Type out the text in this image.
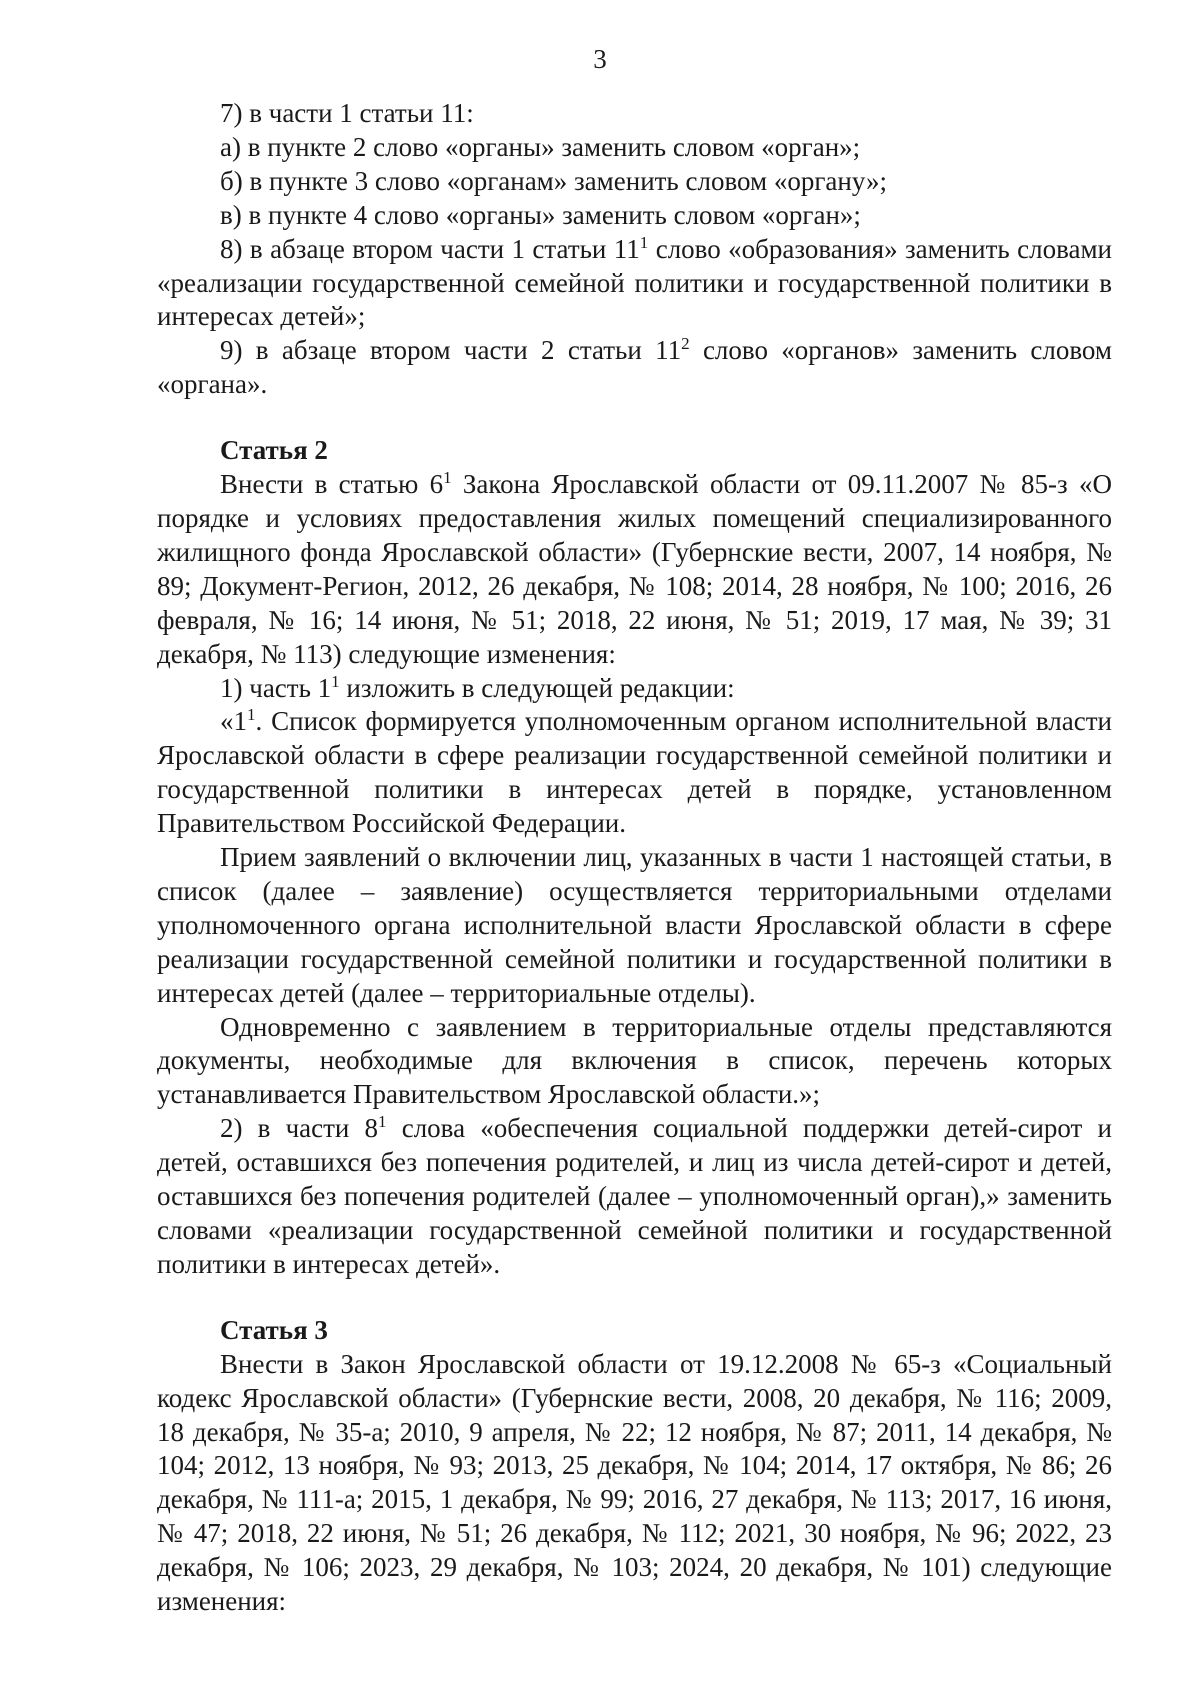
3

7) в части 1 статьи 11:

а) в пункте 2 слово «органы» заменить словом «орган»;

б) в пункте 3 слово «органам» заменить словом «органу»;

в) в пункте 4 слово «органы» заменить словом «орган»;

8) в абзаце втором части 1 статьи $11^1$ слово «образования» заменить словами «реализации государственной семейной политики и государственной политики в интересах детей»;

9) в абзаце втором части 2 статьи $11^2$ слово «органов» заменить словом «органа».

Статья 2

Внести в статью $6^1$ Закона Ярославской области от 09.11.2007 № 85-з «О порядке и условиях предоставления жилых помещений специализированного жилищного фонда Ярославской области» (Губернские вести, 2007, 14 ноября, № 89; Документ-Регион, 2012, 26 декабря, № 108; 2014, 28 ноября, № 100; 2016, 26 февраля, № 16; 14 июня, № 51; 2018, 22 июня, № 51; 2019, 17 мая, № 39; 31 декабря, № 113) следующие изменения:

1) часть $1^1$ изложить в следующей редакции:

«$1^1$. Список формируется уполномоченным органом исполнительной власти Ярославской области в сфере реализации государственной семейной политики и государственной политики в интересах детей в порядке, установленном Правительством Российской Федерации.

Прием заявлений о включении лиц, указанных в части 1 настоящей статьи, в список (далее – заявление) осуществляется территориальными отделами уполномоченного органа исполнительной власти Ярославской области в сфере реализации государственной семейной политики и государственной политики в интересах детей (далее – территориальные отделы).

Одновременно с заявлением в территориальные отделы представляются документы, необходимые для включения в список, перечень которых устанавливается Правительством Ярославской области.»;

2) в части $8^1$ слова «обеспечения социальной поддержки детей-сирот и детей, оставшихся без попечения родителей, и лиц из числа детей-сирот и детей, оставшихся без попечения родителей (далее – уполномоченный орган),» заменить словами «реализации государственной семейной политики и государственной политики в интересах детей».

Статья 3

Внести в Закон Ярославской области от 19.12.2008 № 65-з «Социальный кодекс Ярославской области» (Губернские вести, 2008, 20 декабря, № 116; 2009, 18 декабря, № 35-а; 2010, 9 апреля, № 22; 12 ноября, № 87; 2011, 14 декабря, № 104; 2012, 13 ноября, № 93; 2013, 25 декабря, № 104; 2014, 17 октября, № 86; 26 декабря, № 111-а; 2015, 1 декабря, № 99; 2016, 27 декабря, № 113; 2017, 16 июня, № 47; 2018, 22 июня, № 51; 26 декабря, № 112; 2021, 30 ноября, № 96; 2022, 23 декабря, № 106; 2023, 29 декабря, № 103; 2024, 20 декабря, № 101) следующие изменения:
